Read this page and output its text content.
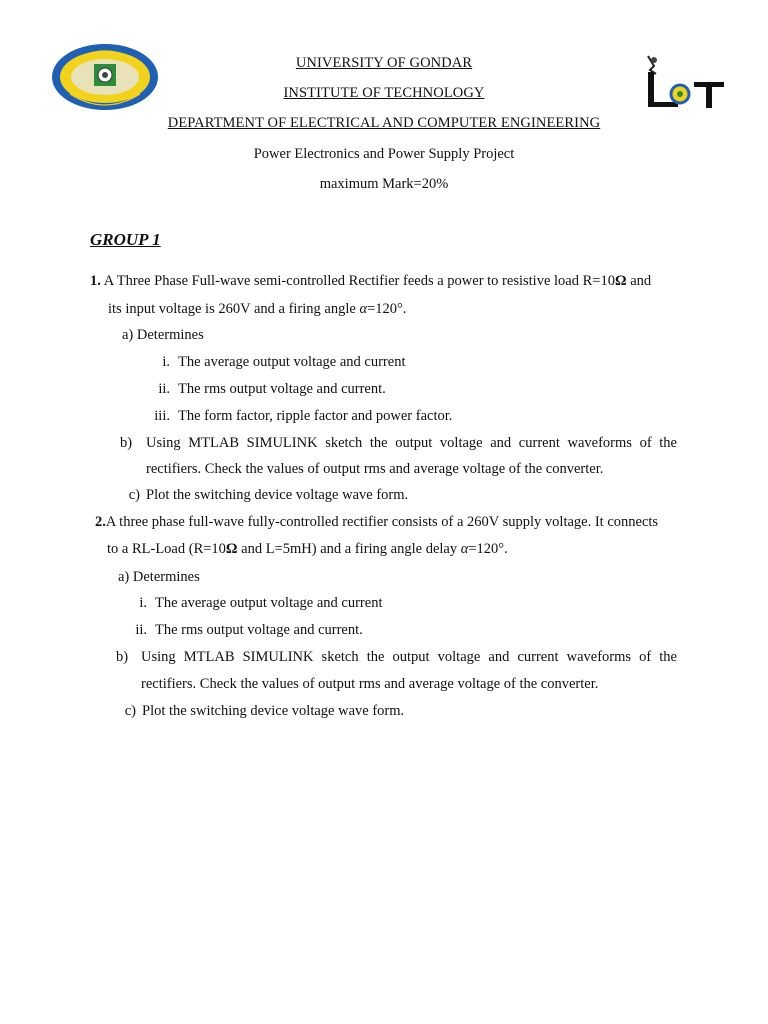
UNIVERSITY OF GONDAR
INSTITUTE OF TECHNOLOGY
DEPARTMENT OF ELECTRICAL AND COMPUTER ENGINEERING
Power Electronics and Power Supply Project
maximum Mark=20%
GROUP 1
1. A Three Phase Full-wave semi-controlled Rectifier feeds a power to resistive load R=10Ω and
its input voltage is 260V and a firing angle α=120°.
a) Determines
i. The average output voltage and current
ii. The rms output voltage and current.
iii. The form factor, ripple factor and power factor.
b) Using MTLAB SIMULINK sketch the output voltage and current waveforms of the
rectifiers. Check the values of output rms and average voltage of the converter.
c) Plot the switching device voltage wave form.
2.A three phase full-wave fully-controlled rectifier consists of a 260V supply voltage. It connects
to a RL-Load (R=10Ω and L=5mH) and a firing angle delay α=120°.
a) Determines
i. The average output voltage and current
ii. The rms output voltage and current.
b) Using MTLAB SIMULINK sketch the output voltage and current waveforms of the
rectifiers. Check the values of output rms and average voltage of the converter.
c) Plot the switching device voltage wave form.
